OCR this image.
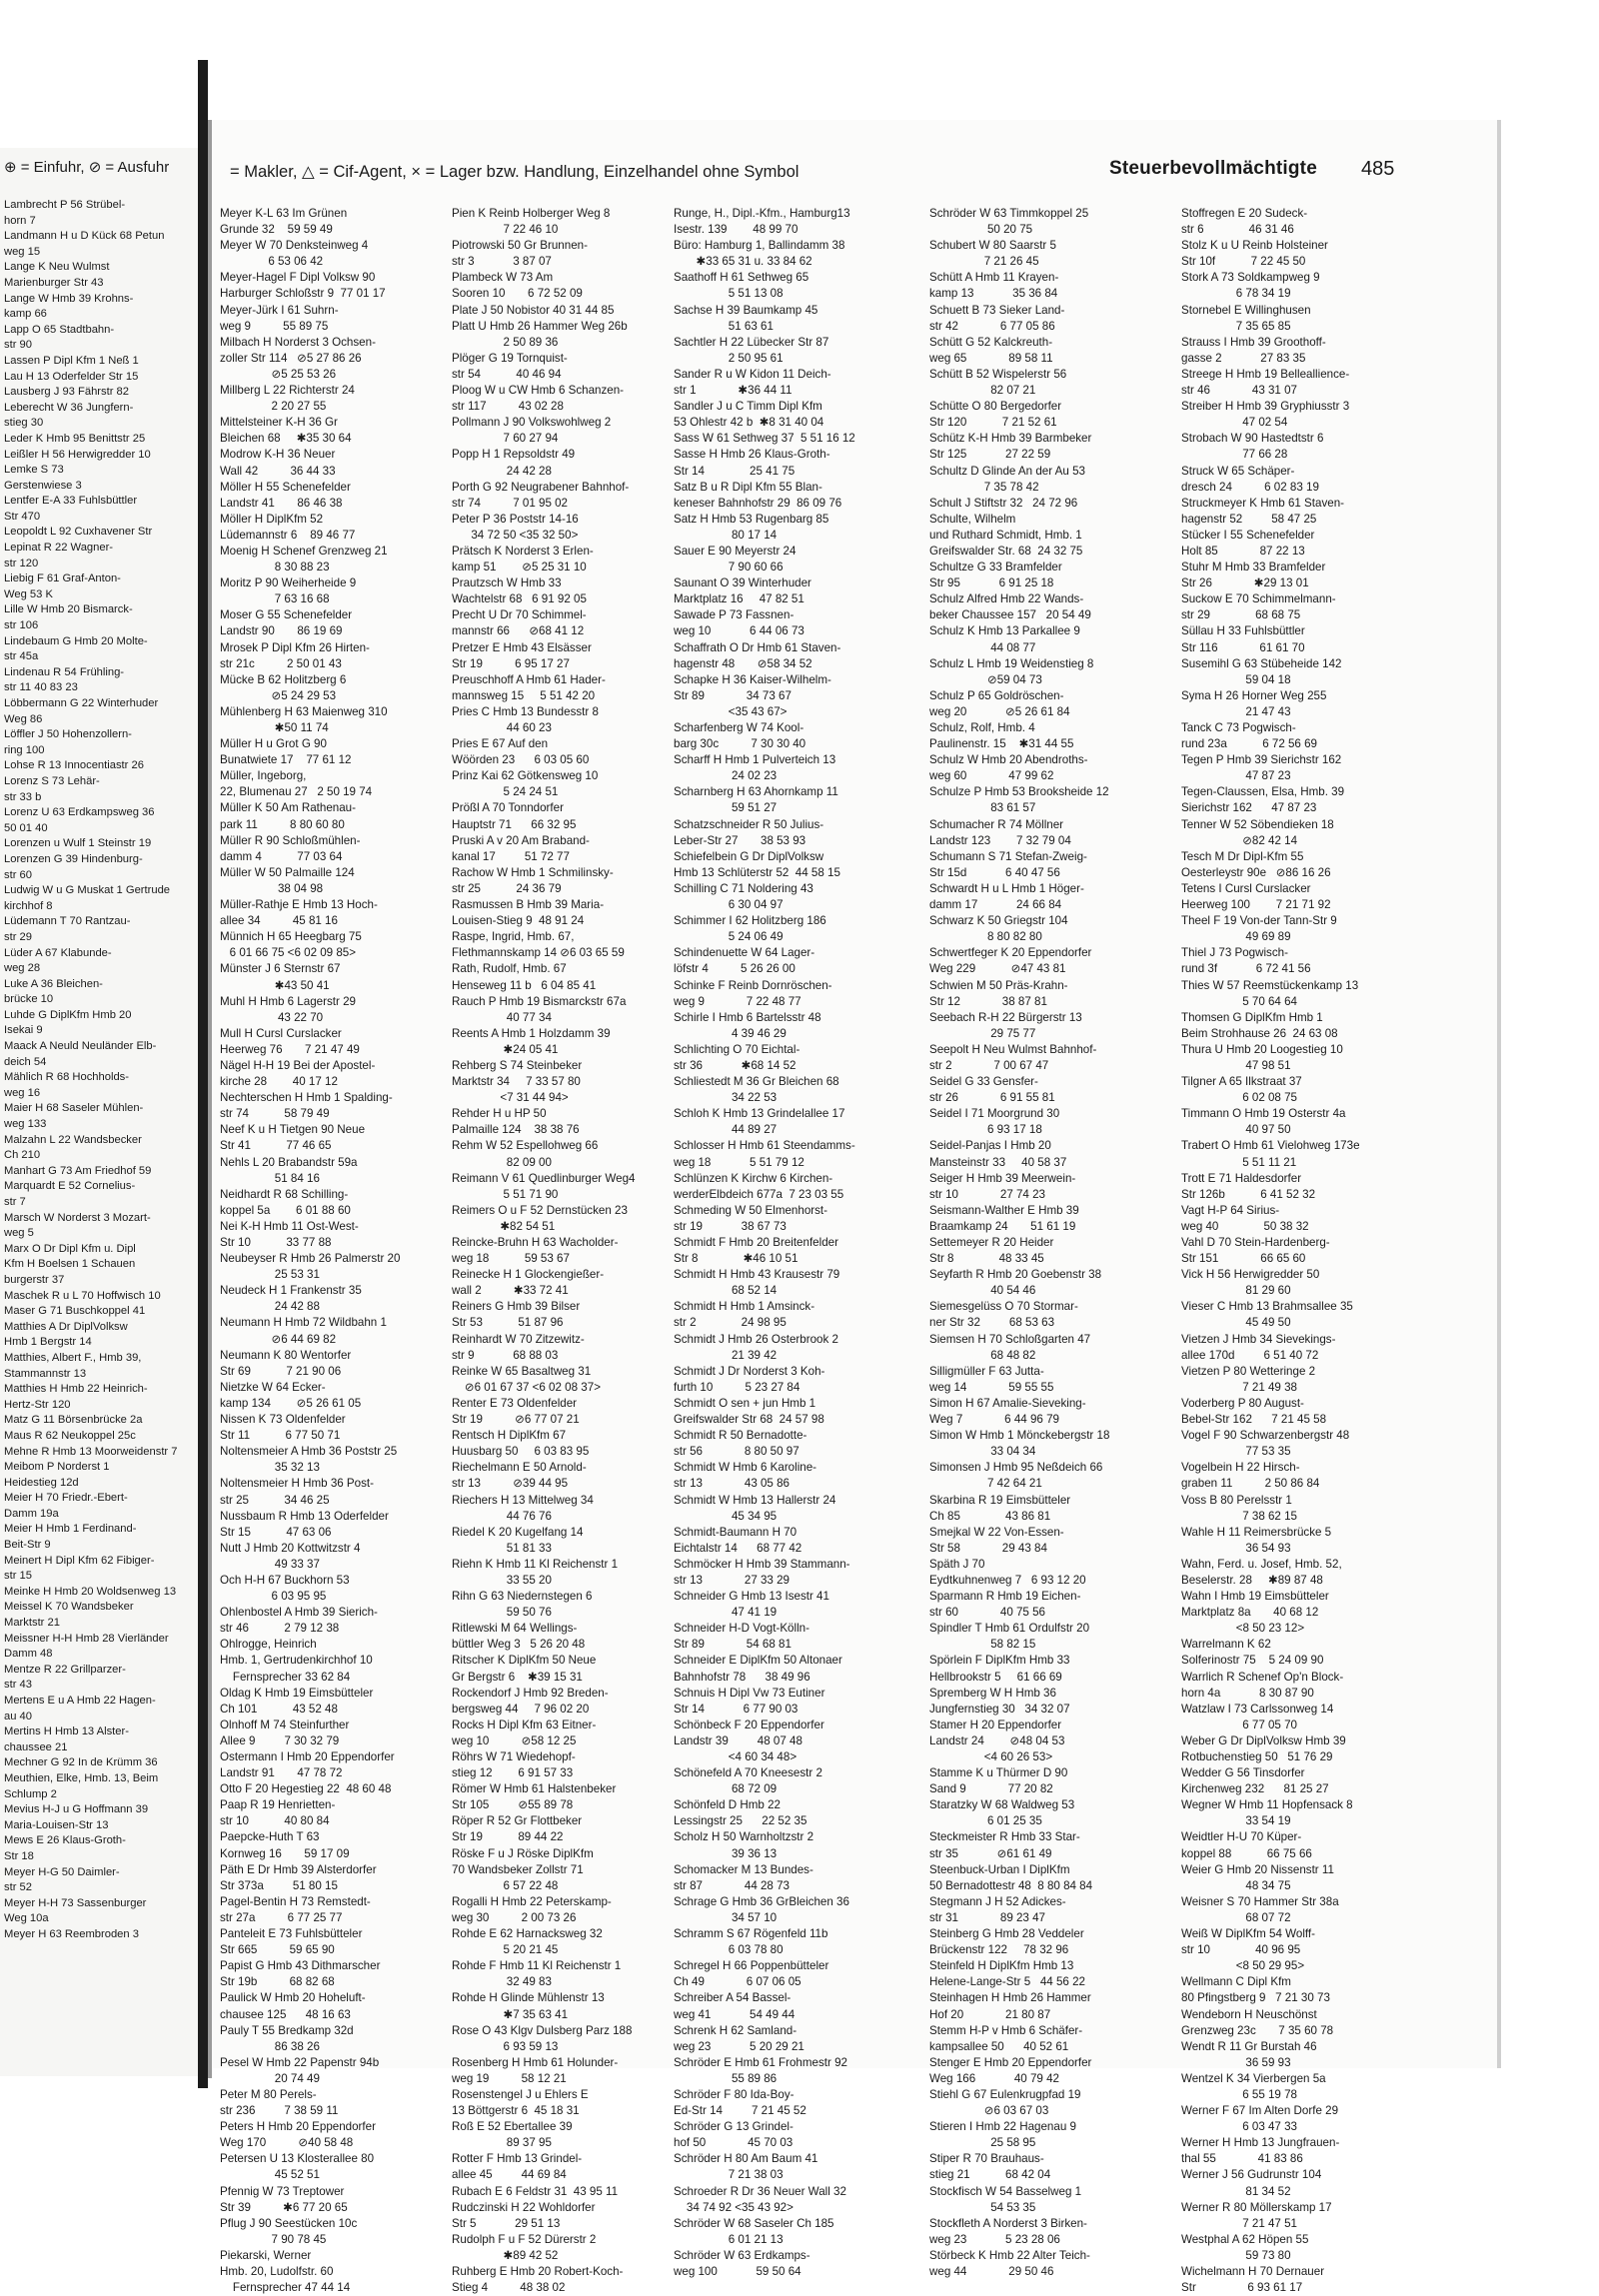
⊕ = Einfuhr, ⊘ = Ausfuhr
Lambrecht P 56 Strübel-
horn 7
Landmann H u D Kück 68 Petun
weg 15
Lange K Neu Wulmst
Marienburger Str 43
Lange W Hmb 39 Krohns-
kamp 66
Lapp O 65 Stadtbahn-
str 90
Lassen P Dipl Kfm 1 Neß 1
Lau H 13 Oderfelder Str 15
Lausberg J 93 Fährstr 82
Leberecht W 36 Jungfern-
stieg 30
Leder K Hmb 95 Benittstr 25
Leißler H 56 Herwigredder 10
Lemke S 73
Gerstenwiese 3
Lentfer E-A 33 Fuhlsbüttler
Str 470
Leopoldt L 92 Cuxhavener Str
Lepinat R 22 Wagner-
str 120
Liebig F 61 Graf-Anton-
Weg 53 K
Lille W Hmb 20 Bismarck-
str 106
Lindebaum G Hmb 20 Molte-
str 45a
Lindenau R 54 Frühling-
str 11 40 83 23
Löbbermann G 22 Winterhuder
Weg 86
Löffler J 50 Hohenzollern-
ring 100
Lohse R 13 Innocentiastr 26
Lorenz S 73 Lehär-
str 33 b
Lorenz U 63 Erdkampsweg 36
50 01 40
Lorenzen u Wulf 1 Steinstr 19
Lorenzen G 39 Hindenburg-
str 60
Ludwig W u G Muskat 1 Gertrude
kirchhof 8
Lüdemann T 70 Rantzau-
str 29
Lüder A 67 Klabunde-
weg 28
Luke A 36 Bleichen-
brücke 10
Luhde G DiplKfm Hmb 20
Isekai 9
Maack A Neuld Neuländer Elb-
deich 54
Mählich R 68 Hochholds-
weg 16
Maier H 68 Saseler Mühlen-
weg 133
Malzahn L 22 Wandsbecker
Ch 210
Manhart G 73 Am Friedhof 59
Marquardt E 52 Cornelius-
str 7
Marsch W Norderst 3 Mozart-
weg 5
Marx O Dr Dipl Kfm u. Dipl
Kfm H Boelsen 1 Schauen
burgerstr 37
Maschek R u L 70 Hoffwisch 10
Maser G 71 Buschkoppel 41
Matthies A Dr DiplVolksw
Hmb 1 Bergstr 14
Matthies, Albert F., Hmb 39,
Stammannstr 13
Matthies H Hmb 22 Heinrich-
Hertz-Str 120
Matz G 11 Börsenbrücke 2a
Maus R 62 Neukoppel 25c
Mehne R Hmb 13 Moorweidenstr 7
Meibom P Norderst 1
Heidestieg 12d
Meier H 70 Friedr.-Ebert-
Damm 19a
Meier H Hmb 1 Ferdinand-
Beit-Str 9
Meinert H Dipl Kfm 62 Fibiger-
str 15
Meinke H Hmb 20 Woldsenweg 13
Meissel K 70 Wandsbeker
Marktstr 21
Meissner H-H Hmb 28 Vierländer
Damm 48
Mentze R 22 Grillparzer-
str 43
Mertens E u A Hmb 22 Hagen-
au 40
Mertins H Hmb 13 Alster-
chaussee 21
Mechner G 92 In de Krümm 36
Meuthien, Elke, Hmb. 13, Beim
Schlump 2
Mevius H-J u G Hoffmann 39
Maria-Louisen-Str 13
Mews E 26 Klaus-Groth-
Str 18
Meyer H-G 50 Daimler-
str 52
Meyer H-H 73 Sassenburger
Weg 10a
Meyer H 63 Reembroden 3
= Makler, △ = Cif-Agent, × = Lager bzw. Handlung, Einzelhandel ohne Symbol	Steuerbevollmächtigte 485
Meyer K-L 63 Im Grünen
Grunde 32    59 59 49
Meyer W 70 Denksteinweg 4
6 53 06 42
Meyer-Hagel F Dipl Volksw 90
Harburger Schloßstr 9  77 01 17
Meyer-Jürk I 61 Suhrn-
weg 9          55 89 75
Milbach H Norderst 3 Ochsen-
zoller Str 114   ⊘5 27 86 26
⊘5 25 53 26
Millberg L 22 Richterstr 24
2 20 27 55
Mittelsteiner K-H 36 Gr
Bleichen 68     ✱35 30 64
Modrow K-H 36 Neuer
Wall 42          36 44 33
Möller H 55 Schenefelder
Landstr 41       86 46 38
Möller H DiplKfm 52
Lüdemannstr 6    89 46 77
Moenig H Schenef Grenzweg 21
8 30 88 23
Moritz P 90 Weiherheide 9
7 63 16 68
Moser G 55 Schenefelder
Landstr 90       86 19 69
Mrosek P Dipl Kfm 26 Hirten-
str 21c          2 50 01 43
Mücke B 62 Holitzberg 6
⊘5 24 29 53
Mühlenberg H 63 Maienweg 310
✱50 11 74
Müller H u Grot G 90
Bunatwiete 17    77 61 12
Müller, Ingeborg,
22, Blumenau 27   2 50 19 74
Müller K 50 Am Rathenau-
park 11          8 80 60 80
Müller R 90 Schloßmühlen-
damm 4           77 03 64
Müller W 50 Palmaille 124
38 04 98
Müller-Rathje E Hmb 13 Hoch-
allee 34          45 81 16
Münnich H 65 Heegbarg 75
6 01 66 75 <6 02 09 85>
Münster J 6 Sternstr 67
✱43 50 41
Muhl H Hmb 6 Lagerstr 29
43 22 70
Mull H Cursl Curslacker
Heerweg 76       7 21 47 49
Nägel H-H 19 Bei der Apostel-
kirche 28        40 17 12
Nechterschen H Hmb 1 Spalding-
str 74           58 79 49
Neef K u H Tietgen 90 Neue
Str 41           77 46 65
Nehls L 20 Brabandstr 59a
51 84 16
Neidhardt R 68 Schilling-
koppel 5a        6 01 88 60
Nei K-H Hmb 11 Ost-West-
Str 10           33 77 88
Neubeyser R Hmb 26 Palmerstr 20
25 53 31
Neudeck H 1 Frankenstr 35
24 42 88
Neumann H Hmb 72 Wildbahn 1
⊘6 44 69 82
Neumann K 80 Wentorfer
Str 69           7 21 90 06
Nietzke W 64 Ecker-
kamp 134        ⊘5 26 61 05
Nissen K 73 Oldenfelder
Str 11           6 77 50 71
Noltensmeier A Hmb 36 Poststr 25
35 32 13
Noltensmeier H Hmb 36 Post-
str 25           34 46 25
Nussbaum R Hmb 13 Oderfelder
Str 15           47 63 06
Nutt J Hmb 20 Kottwitzstr 4
49 33 37
Och H-H 67 Buckhorn 53
6 03 95 95
Ohlenbostel A Hmb 39 Sierich-
str 46           2 79 12 38
Ohlrogge, Heinrich
Hmb. 1, Gertrudenkirchhof 10
Fernsprecher 33 62 84
Oldag K Hmb 19 Eimsbütteler
Ch 101           43 52 48
Olnhoff M 74 Steinfurther
Allee 9         7 30 32 79
Ostermann I Hmb 20 Eppendorfer
Landstr 91       47 78 72
Otto F 20 Hegestieg 22  48 60 48
Paap R 19 Henrietten-
str 10           40 80 84
Paepcke-Huth T 63
Kornweg 16       59 17 09
Päth E Dr Hmb 39 Alsterdorfer
Str 373a         51 80 15
Pagel-Bentin H 73 Remstedt-
str 27a          6 77 25 77
Panteleit E 73 Fuhlsbütteler
Str 665          59 65 90
Papist G Hmb 43 Dithmarscher
Str 19b          68 82 68
Paulick W Hmb 20 Hoheluft-
chausee 125      48 16 63
Pauly T 55 Bredkamp 32d
86 38 26
Pesel W Hmb 22 Papenstr 94b
20 74 49
Peter M 80 Perels-
str 236         7 38 59 11
Peters H Hmb 20 Eppendorfer
Weg 170          ⊘40 58 48
Petersen U 13 Klosterallee 80
45 52 51
Pfennig W 73 Treptower
Str 39          ✱6 77 20 65
Pflug J 90 Seestücken 10c
7 90 78 45
Piekarski, Werner
Hmb. 20, Ludolfstr. 60
Fernsprecher 47 44 14
Pien K Reinb Holberger Weg 8
7 22 46 10
Piotrowski 50 Gr Brunnen-
str 3            3 87 07
Plambeck W 73 Am
Sooren 10       6 72 52 09
Plate J 50 Nobistor 40 31 44 85
Platt U Hmb 26 Hammer Weg 26b
2 50 89 36
Plöger G 19 Tornquist-
str 54           40 46 94
Ploog W u CW Hmb 6 Schanzen-
str 117          43 02 28
Pollmann J 90 Volkswohlweg 2
7 60 27 94
Popp H 1 Repsoldstr 49
24 42 28
Porth G 92 Neugrabener Bahnhof-
str 74          7 01 95 02
Peter P 36 Poststr 14-16
34 72 50 <35 32 50>
Prätsch K Norderst 3 Erlen-
kamp 51        ⊘5 25 31 10
Prautzsch W Hmb 33
Wachtelstr 68   6 91 92 05
Precht U Dr 70 Schimmel-
mannstr 66      ⊘68 41 12
Pretzer E Hmb 43 Elsässer
Str 19          6 95 17 27
Preuschhoff A Hmb 61 Hader-
mannsweg 15     5 51 42 20
Pries C Hmb 13 Bundesstr 8
44 60 23
Pries E 67 Auf den
Wöörden 23      6 03 05 60
Prinz Kai 62 Götkensweg 10
5 24 24 51
Prößl A 70 Tonndorfer
Hauptstr 71      66 32 95
Pruski A v 20 Am Braband-
kanal 17         51 72 77
Rachow W Hmb 1 Schmilinsky-
str 25           24 36 79
Rasmussen B Hmb 39 Maria-
Louisen-Stieg 9  48 91 24
Raspe, Ingrid, Hmb. 67,
Flethmannskamp 14 ⊘6 03 65 59
Rath, Rudolf, Hmb. 67
Henseweg 11 b   6 04 85 41
Rauch P Hmb 19 Bismarckstr 67a
40 77 34
Reents A Hmb 1 Holzdamm 39
✱24 05 41
Rehberg S 74 Steinbeker
Marktstr 34     7 33 57 80
<7 31 44 94>
Rehder H u HP 50
Palmaille 124    38 38 76
Rehm W 52 Espellohweg 66
82 09 00
Reimann V 61 Quedlinburger Weg4
5 51 71 90
Reimers O u F 52 Dernstücken 23
✱82 54 51
Reincke-Bruhn H 63 Wacholder-
weg 18           59 53 67
Reinecke H 1 Glockengießer-
wall 2          ✱33 72 41
Reiners G Hmb 39 Bilser
Str 53           51 87 96
Reinhardt W 70 Zitzewitz-
str 9            68 88 03
Reinke W 65 Basaltweg 31
⊘6 01 67 37 <6 02 08 37>
Renter E 73 Oldenfelder
Str 19          ⊘6 77 07 21
Rentsch H DiplKfm 67
Huusbarg 50     6 03 83 95
Riechelmann E 50 Arnold-
str 13          ⊘39 44 95
Riechers H 13 Mittelweg 34
44 76 76
Riedel K 20 Kugelfang 14
51 81 33
Riehn K Hmb 11 Kl Reichenstr 1
33 55 20
Rihn G 63 Niedernstegen 6
59 50 76
Ritlewski M 64 Wellings-
büttler Weg 3   5 26 20 48
Ritscher K DiplKfm 50 Neue
Gr Bergstr 6    ✱39 15 31
Rockendorf J Hmb 92 Breden-
bergsweg 44     7 96 02 20
Rocks H Dipl Kfm 63 Eitner-
weg 10          ⊘58 12 25
Röhrs W 71 Wiedehopf-
stieg 12        6 91 57 33
Römer W Hmb 61 Halstenbeker
Str 105         ⊘55 89 78
Röper R 52 Gr Flottbeker
Str 19           89 44 22
Röske F u J Röske DiplKfm
70 Wandsbeker Zollstr 71
6 57 22 48
Rogalli H Hmb 22 Peterskamp-
weg 30          2 00 73 26
Rohde E 62 Harnacksweg 32
5 20 21 45
Rohde F Hmb 11 Kl Reichenstr 1
32 49 83
Rohde H Glinde Mühlenstr 13
✱7 35 63 41
Rose O 43 Klgv Dulsberg Parz 188
6 93 59 13
Rosenberg H Hmb 61 Holunder-
weg 19          58 12 21
Rosenstengel J u Ehlers E
13 Böttgerstr 6  45 18 31
Roß E 52 Ebertallee 39
89 37 95
Rotter F Hmb 13 Grindel-
allee 45         44 69 84
Rubach E 6 Feldstr 31  43 95 11
Rudczinski H 22 Wohldorfer
Str 5            29 51 13
Rudolph F u F 52 Dürerstr 2
✱89 42 52
Ruhberg E Hmb 20 Robert-Koch-
Stieg 4          48 38 02
Runge, H., Dipl.-Kfm., Hamburg13
Isestr. 139        48 99 70
Büro: Hamburg 1, Ballindamm 38
✱33 65 31 u. 33 84 62
Saathoff H 61 Sethweg 65
5 51 13 08
Sachse H 39 Baumkamp 45
51 63 61
Sachtler H 22 Lübecker Str 87
2 50 95 61
Sander R u W Kidon 11 Deich-
str 1             ✱36 44 11
Sandler J u C Timm Dipl Kfm
53 Ohlestr 42 b  ✱8 31 40 04
Sass W 61 Sethweg 37  5 51 16 12
Sasse H Hmb 26 Klaus-Groth-
Str 14              25 41 75
Satz B u R Dipl Kfm 55 Blan-
keneser Bahnhofstr 29  86 09 76
Satz H Hmb 53 Rugenbarg 85
80 17 14
Sauer E 90 Meyerstr 24
7 90 60 66
Saunant O 39 Winterhuder
Marktplatz 16     47 82 51
Sawade P 73 Fassnen-
weg 10            6 44 06 73
Schaffrath O Dr Hmb 61 Staven-
hagenstr 48       ⊘58 34 52
Schapke H 36 Kaiser-Wilhelm-
Str 89             34 73 67
<35 43 67>
Scharfenberg W 74 Kool-
barg 30c          7 30 30 40
Scharff H Hmb 1 Pulverteich 13
24 02 23
Scharnberg H 63 Ahornkamp 11
59 51 27
Schatzschneider R 50 Julius-
Leber-Str 27       38 53 93
Schiefelbein G Dr DiplVolksw
Hmb 13 Schlüterstr 52  44 58 15
Schilling C 71 Noldering 43
6 30 04 97
Schimmer I 62 Holitzberg 186
5 24 06 49
Schindenuette W 64 Lager-
löfstr 4          5 26 26 00
Schinke F Reinb Dornröschen-
weg 9             7 22 48 77
Schirle I Hmb 6 Bartelsstr 48
4 39 46 29
Schlichting O 70 Eichtal-
str 36            ✱68 14 52
Schliestedt M 36 Gr Bleichen 68
34 22 53
Schloh K Hmb 13 Grindelallee 17
44 89 27
Schlosser H Hmb 61 Steendamms-
weg 18            5 51 79 12
Schlünzen K Kirchw 6 Kirchen-
werderElbdeich 677a  7 23 03 55
Schmeding W 50 Elmenhorst-
str 19            38 67 73
Schmidt F Hmb 20 Breitenfelder
Str 8              ✱46 10 51
Schmidt H Hmb 43 Krausestr 79
68 52 14
Schmidt H Hmb 1 Amsinck-
str 2              24 98 95
Schmidt J Hmb 26 Osterbrook 2
21 39 42
Schmidt J Dr Norderst 3 Koh-
furth 10          5 23 27 84
Schmidt O sen + jun Hmb 1
Greifswalder Str 68  24 57 98
Schmidt R 50 Bernadotte-
str 56             8 80 50 97
Schmidt W Hmb 6 Karoline-
str 13             43 05 86
Schmidt W Hmb 13 Hallerstr 24
45 34 95
Schmidt-Baumann H 70
Eichtalstr 14      68 77 42
Schmöcker H Hmb 39 Stammann-
str 13             27 33 29
Schneider G Hmb 13 Isestr 41
47 41 19
Schneider H-D Vogt-Kölln-
Str 89             54 68 81
Schneider E DiplKfm 50 Altonaer
Bahnhofstr 78      38 49 96
Schnuis H Dipl Vw 73 Eutiner
Str 14            6 77 90 03
Schönbeck F 20 Eppendorfer
Landstr 39         48 07 48
<4 60 34 48>
Schönefeld A 70 Kneesestr 2
68 72 09
Schönfeld D Hmb 22
Lessingstr 25      22 52 35
Scholz H 50 Warnholtzstr 2
39 36 13
Schomacker M 13 Bundes-
str 87             44 28 73
Schrage G Hmb 36 GrBleichen 36
34 57 10
Schramm S 67 Rögenfeld 11b
6 03 78 80
Schregel H 66 Poppenbütteler
Ch 49             6 07 06 05
Schreiber A 54 Bassel-
weg 41            54 49 44
Schrenk H 62 Samland-
weg 23            5 20 29 21
Schröder E Hmb 61 Frohmestr 92
55 89 86
Schröder F 80 Ida-Boy-
Ed-Str 14         7 21 45 52
Schröder G 13 Grindel-
hof 50             45 70 03
Schröder H 80 Am Baum 41
7 21 38 03
Schroeder R Dr 36 Neuer Wall 32
34 74 92 <35 43 92>
Schröder W 68 Saseler Ch 185
6 01 21 13
Schröder W 63 Erdkamps-
weg 100            59 50 64
Schröder W 63 Timmkoppel 25
50 20 75
Schubert W 80 Saarstr 5
7 21 26 45
Schütt A Hmb 11 Krayen-
kamp 13            35 36 84
Schuett B 73 Sieker Land-
str 42             6 77 05 86
Schütt G 52 Kalckreuth-
weg 65             89 58 11
Schütt B 52 Wispelerstr 56
82 07 21
Schütte O 80 Bergedorfer
Str 120           7 21 52 61
Schütz K-H Hmb 39 Barmbeker
Str 125            27 22 59
Schultz D Glinde An der Au 53
7 35 78 42
Schult J Stiftstr 32   24 72 96
Schulte, Wilhelm
und Ruthard Schmidt, Hmb. 1
Greifswalder Str. 68  24 32 75
Schultze G 33 Bramfelder
Str 95            6 91 25 18
Schulz Alfred Hmb 22 Wands-
beker Chaussee 157   20 54 49
Schulz K Hmb 13 Parkallee 9
44 08 77
Schulz L Hmb 19 Weidenstieg 8
⊘59 04 73
Schulz P 65 Goldröschen-
weg 20            ⊘5 26 61 84
Schulz, Rolf, Hmb. 4
Paulinenstr. 15    ✱31 44 55
Schulz W Hmb 20 Abendroths-
weg 60             47 99 62
Schulze P Hmb 53 Brooksheide 12
83 61 57
Schumacher R 74 Möllner
Landstr 123        7 32 79 04
Schumann S 71 Stefan-Zweig-
Str 15d            6 40 47 56
Schwardt H u L Hmb 1 Höger-
damm 17            24 66 84
Schwarz K 50 Griegstr 104
8 80 82 80
Schwertfeger K 20 Eppendorfer
Weg 229           ⊘47 43 81
Schwien M 50 Präs-Krahn-
Str 12             38 87 81
Seebach R-H 22 Bürgerstr 13
29 75 77
Seepolt H Neu Wulmst Bahnhof-
str 2             7 00 67 47
Seidel G 33 Gensfer-
str 26             6 91 55 81
Seidel I 71 Moorgrund 30
6 93 17 18
Seidel-Panjas I Hmb 20
Mansteinstr 33     40 58 37
Seiger H Hmb 39 Meerwein-
str 10             27 74 23
Seismann-Walther E Hmb 39
Braamkamp 24       51 61 19
Settemeyer R 20 Heider
Str 8              48 33 45
Seyfarth R Hmb 20 Goebenstr 38
40 54 46
Siemesgelüss O 70 Stormar-
ner Str 32         68 53 63
Siemsen H 70 Schloßgarten 47
68 48 82
Silligmüller F 63 Jutta-
weg 14             59 55 55
Simon H 67 Amalie-Sieveking-
Weg 7             6 44 96 79
Simon W Hmb 1 Mönckebergstr 18
33 04 34
Simonsen J Hmb 95 Neßdeich 66
7 42 64 21
Skarbina R 19 Eimsbütteler
Ch 85              43 86 81
Smejkal W 22 Von-Essen-
Str 58             29 43 84
Späth J 70
Eydtkuhnenweg 7   6 93 12 20
Sparmann R Hmb 19 Eichen-
str 60             40 75 56
Spindler T Hmb 61 Ordulfstr 20
58 82 15
Spörlein F DiplKfm Hmb 33
Hellbrookstr 5     61 66 69
Spremberg W H Hmb 36
Jungfernstieg 30   34 32 07
Stamer H 20 Eppendorfer
Landstr 24        ⊘48 04 53
<4 60 26 53>
Stamme K u Thürmer D 90
Sand 9             77 20 82
Staratzky W 68 Waldweg 53
6 01 25 35
Steckmeister R Hmb 33 Star-
str 35            ⊘61 61 49
Steenbuck-Urban I DiplKfm
50 Bernadottestr 48  8 80 84 84
Stegmann J H 52 Adickes-
str 31             89 23 47
Steinberg G Hmb 28 Veddeler
Brückenstr 122     78 32 96
Steinfeld H DiplKfm Hmb 13
Helene-Lange-Str 5   44 56 22
Steinhagen H Hmb 26 Hammer
Hof 20             21 80 87
Stemm H-P v Hmb 6 Schäfer-
kampsallee 50      40 52 61
Stenger E Hmb 20 Eppendorfer
Weg 166            40 79 42
Stiehl G 67 Eulenkrugpfad 19
⊘6 03 67 03
Stieren I Hmb 22 Hagenau 9
25 58 95
Stiper R 70 Brauhaus-
stieg 21           68 42 04
Stockfisch W 54 Basselweg 1
54 53 35
Stockfleth A Norderst 3 Birken-
weg 23            5 23 28 06
Störbeck K Hmb 22 Alter Teich-
weg 44             29 50 46
Stoffregen E 20 Sudeck-
str 6              46 31 46
Stolz K u U Reinb Holsteiner
Str 10f           7 22 45 50
Stork A 73 Soldkampweg 9
6 78 34 19
Stornebel E Willinghusen
7 35 65 85
Strauss I Hmb 39 Groothoff-
gasse 2            27 83 35
Streege H Hmb 19 Belleallience-
str 46             43 31 07
Streiber H Hmb 39 Gryphiusstr 3
47 02 54
Strobach W 90 Hastedtstr 6
77 66 28
Struck W 65 Schäper-
dresch 24          6 02 83 19
Struckmeyer K Hmb 61 Staven-
hagenstr 52         58 47 25
Stücker I 55 Schenefelder
Holt 85             87 22 13
Stuhr M Hmb 33 Bramfelder
Str 26             ✱29 13 01
Suckow E 70 Schimmelmann-
str 29              68 68 75
Süllau H 33 Fuhlsbüttler
Str 116             61 61 70
Susemihl G 63 Stübeheide 142
59 04 18
Syma H 26 Horner Weg 255
21 47 43
Tanck C 73 Pogwisch-
rund 23a           6 72 56 69
Tegen P Hmb 39 Sierichstr 162
47 87 23
Tegen-Claussen, Elsa, Hmb. 39
Sierichstr 162      47 87 23
Tenner W 52 Söbendieken 18
⊘82 42 14
Tesch M Dr Dipl-Kfm 55
Oesterleystr 90e   ⊘86 16 26
Tetens I Cursl Curslacker
Heerweg 100        7 21 71 92
Theel F 19 Von-der Tann-Str 9
49 69 89
Thiel J 73 Pogwisch-
rund 3f            6 72 41 56
Thies W 57 Reemstückenkamp 13
5 70 64 64
Thomsen G DiplKfm Hmb 1
Beim Strohhause 26  24 63 08
Thura U Hmb 20 Loogestieg 10
47 98 51
Tilgner A 65 Ilkstraat 37
6 02 08 75
Timmann O Hmb 19 Osterstr 4a
40 97 50
Trabert O Hmb 61 Vielohweg 173e
5 51 11 21
Trott E 71 Haldesdorfer
Str 126b           6 41 52 32
Vagt H-P 64 Sirius-
weg 40              50 38 32
Vahl D 70 Stein-Hardenberg-
Str 151             66 65 60
Vick H 56 Herwigredder 50
81 29 60
Vieser C Hmb 13 Brahmsallee 35
45 49 50
Vietzen J Hmb 34 Sievekings-
allee 170d         6 51 40 72
Vietzen P 80 Wetteringe 2
7 21 49 38
Voderberg P 80 August-
Bebel-Str 162      7 21 45 58
Vogel F 90 Schwarzenbergstr 48
77 53 35
Vogelbein H 22 Hirsch-
graben 11          2 50 86 84
Voss B 80 Perelsstr 1
7 38 62 15
Wahle H 11 Reimersbrücke 5
36 54 93
Wahn, Ferd. u. Josef, Hmb. 52,
Beselerstr. 28     ✱89 87 48
Wahn I Hmb 19 Eimsbütteler
Marktplatz 8a       40 68 12
<8 50 23 12>
Warrelmann K 62
Solferinostr 75    5 24 09 90
Warrlich R Schenef Op'n Block-
horn 4a            8 30 87 90
Watzlaw I 73 Carlssonweg 14
6 77 05 70
Weber G Dr DiplVolksw Hmb 39
Rotbuchenstieg 50   51 76 29
Wedder G 56 Tinsdorfer
Kirchenweg 232      81 25 27
Wegner W Hmb 11 Hopfensack 8
33 54 19
Weidtler H-U 70 Küper-
koppel 88           66 75 66
Weier G Hmb 20 Nissenstr 11
48 34 75
Weisner S 70 Hammer Str 38a
68 07 72
Weiß W DiplKfm 54 Wolff-
str 10              40 96 95
<8 50 29 95>
Wellmann C Dipl Kfm
80 Pfingstberg 9   7 21 30 73
Wendeborn H Neuschönst
Grenzweg 23c       7 35 60 78
Wendt R 11 Gr Burstah 46
36 59 93
Wentzel K 34 Vierbergen 5a
6 55 19 78
Werner F 67 Im Alten Dorfe 29
6 03 47 33
Werner H Hmb 13 Jungfrauen-
thal 55             41 83 86
Werner J 56 Gudrunstr 104
81 34 52
Werner R 80 Möllerskamp 17
7 21 47 51
Westphal A 62 Höpen 55
59 73 80
Wichelmann H 70 Dernauer
Str                6 93 61 17
